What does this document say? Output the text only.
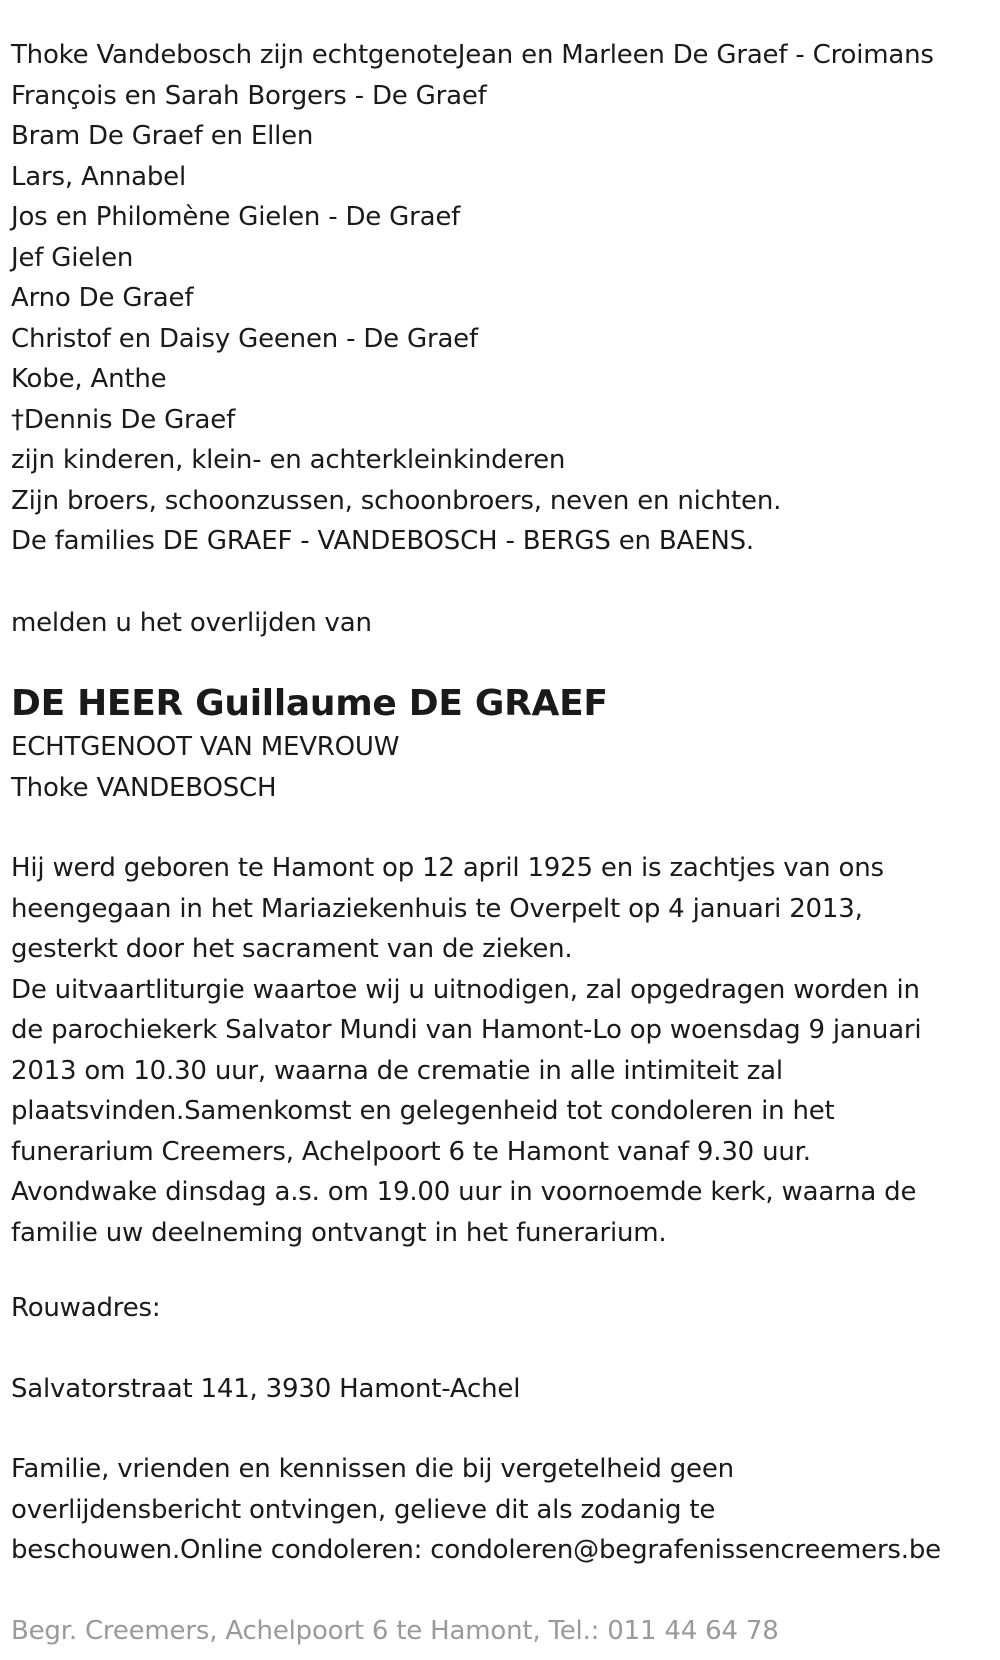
Thoke Vandebosch zijn echtgenoteJean en Marleen De Graef - Croimans

François en Sarah Borgers - De Graef

Bram De Graef en Ellen

Lars, Annabel

Jos en Philomène Gielen - De Graef

Jef Gielen

Arno De Graef

Christof en Daisy Geenen - De Graef

Kobe, Anthe

†Dennis De Graef

zijn kinderen, klein- en achterkleinkinderen

Zijn broers, schoonzussen, schoonbroers, neven en nichten.

De families DE GRAEF - VANDEBOSCH - BERGS en BAENS.

melden u het overlijden van

DE HEER Guillaume DE GRAEF

ECHTGENOOT VAN MEVROUW

Thoke VANDEBOSCH

Hij werd geboren te Hamont op 12 april 1925 en is zachtjes van ons

heengegaan in het Mariaziekenhuis te Overpelt op 4 januari 2013,

gesterkt door het sacrament van de zieken.

De uitvaartliturgie waartoe wij u uitnodigen, zal opgedragen worden in

de parochiekerk Salvator Mundi van Hamont-Lo op woensdag 9 januari

2013 om 10.30 uur, waarna de crematie in alle intimiteit zal

plaatsvinden.Samenkomst en gelegenheid tot condoleren in het

funerarium Creemers, Achelpoort 6 te Hamont vanaf 9.30 uur.

Avondwake dinsdag a.s. om 19.00 uur in voornoemde kerk, waarna de

familie uw deelneming ontvangt in het funerarium.

Rouwadres:

Salvatorstraat 141, 3930 Hamont-Achel

Familie, vrienden en kennissen die bij vergetelheid geen

overlijdensbericht ontvingen, gelieve dit als zodanig te

beschouwen.Online condoleren: condoleren@begrafenissencreemers.be

Begr. Creemers, Achelpoort 6 te Hamont, Tel.: 011 44 64 78
